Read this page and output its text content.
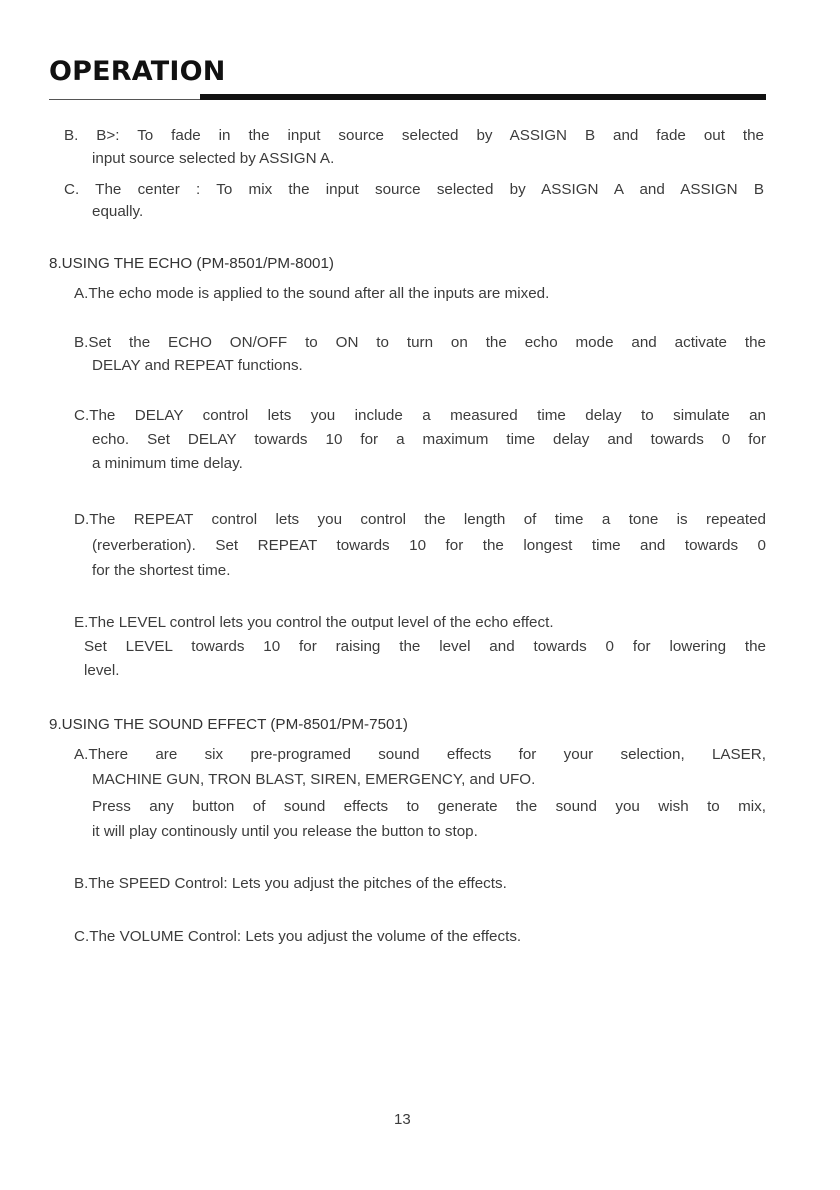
OPERATION
B. B>: To fade in the input source selected by ASSIGN B and fade out the
input source selected by ASSIGN A.
C. The center : To mix the input source selected by ASSIGN A and ASSIGN B
equally.
8.USING THE ECHO (PM-8501/PM-8001)
A.The echo mode is applied to the sound after all the inputs are mixed.
B.Set the ECHO ON/OFF to ON to turn on the echo mode and activate the
DELAY and REPEAT functions.
C.The DELAY control lets you include a measured time delay to simulate an
echo. Set DELAY towards 10 for a maximum time delay and towards 0 for
a minimum time delay.
D.The REPEAT control lets you control the length of time a tone is repeated
(reverberation). Set REPEAT towards 10 for the longest time and towards 0
for the shortest time.
E.The LEVEL control lets you control the output level of the echo effect.
Set LEVEL towards 10 for raising the level and towards 0 for lowering the
level.
9.USING THE SOUND EFFECT (PM-8501/PM-7501)
A.There are six pre-programed sound effects for your selection, LASER,
MACHINE GUN, TRON BLAST, SIREN, EMERGENCY, and UFO.
Press any button of sound effects to generate the sound you wish to mix,
it will play continously until you release the button to stop.
B.The SPEED Control: Lets you adjust the pitches of the effects.
C.The VOLUME Control: Lets you adjust the volume of the effects.
13
